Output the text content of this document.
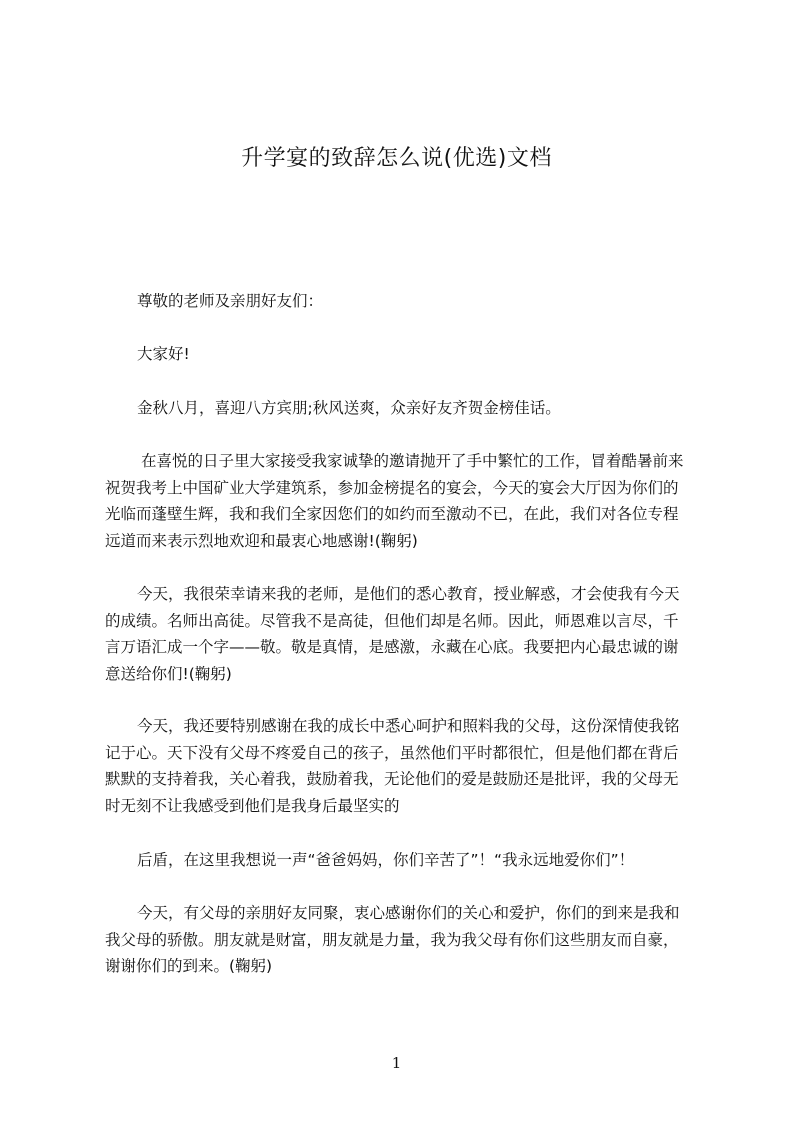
升学宴的致辞怎么说(优选)文档
尊敬的老师及亲朋好友们：
大家好!
金秋八月，喜迎八方宾朋;秋风送爽，众亲好友齐贺金榜佳话。
在喜悦的日子里大家接受我家诚挚的邀请抛开了手中繁忙的工作，冒着酷暑前来
祝贺我考上中国矿业大学建筑系，参加金榜提名的宴会，今天的宴会大厅因为你们的
光临而蓬壁生辉，我和我们全家因您们的如约而至激动不已，在此，我们对各位专程
远道而来表示烈地欢迎和最衷心地感谢!(鞠躬)
今天，我很荣幸请来我的老师，是他们的悉心教育，授业解惑，才会使我有今天
的成绩。名师出高徒。尽管我不是高徒，但他们却是名师。因此，师恩难以言尽，千
言万语汇成一个字——敬。敬是真情，是感激，永藏在心底。我要把内心最忠诚的谢
意送给你们!(鞠躬)
今天，我还要特别感谢在我的成长中悉心呵护和照料我的父母，这份深情使我铭
记于心。天下没有父母不疼爱自己的孩子，虽然他们平时都很忙，但是他们都在背后
默默的支持着我，关心着我，鼓励着我，无论他们的爱是鼓励还是批评，我的父母无
时无刻不让我感受到他们是我身后最坚实的
后盾，在这里我想说一声“爸爸妈妈，你们辛苦了”！“我永远地爱你们”！
今天，有父母的亲朋好友同聚，衷心感谢你们的关心和爱护，你们的到来是我和
我父母的骄傲。朋友就是财富，朋友就是力量，我为我父母有你们这些朋友而自豪，
谢谢你们的到来。(鞠躬)
1
